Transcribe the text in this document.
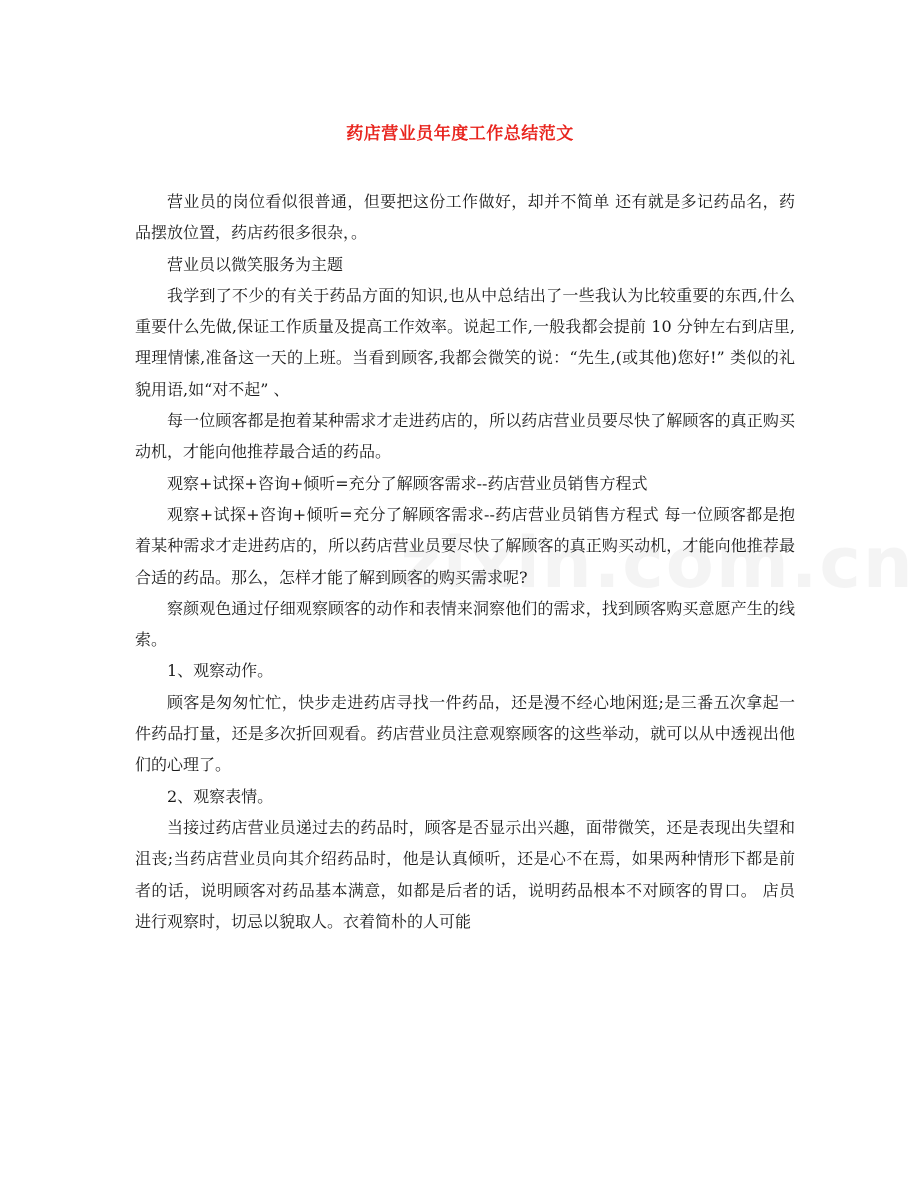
药店营业员年度工作总结范文

营业员的岗位看似很普通，但要把这份工作做好，却并不简单 还有就是多记药品名，药品摆放位置，药店药很多很杂，。

营业员以微笑服务为主题

我学到了不少的有关于药品方面的知识,也从中总结出了一些我认为比较重要的东西,什么重要什么先做,保证工作质量及提高工作效率。说起工作,一般我都会提前 10 分钟左右到店里,理理情愫,准备这一天的上班。当看到顾客,我都会微笑的说：“先生,(或其他)您好!” 类似的礼貌用语,如“对不起” 、

每一位顾客都是抱着某种需求才走进药店的，所以药店营业员要尽快了解顾客的真正购买动机，才能向他推荐最合适的药品。

观察+试探+咨询+倾听=充分了解顾客需求--药店营业员销售方程式

观察+试探+咨询+倾听=充分了解顾客需求--药店营业员销售方程式 每一位顾客都是抱着某种需求才走进药店的，所以药店营业员要尽快了解顾客的真正购买动机，才能向他推荐最合适的药品。那么，怎样才能了解到顾客的购买需求呢?

察颜观色通过仔细观察顾客的动作和表情来洞察他们的需求，找到顾客购买意愿产生的线索。

1、观察动作。

顾客是匆匆忙忙，快步走进药店寻找一件药品，还是漫不经心地闲逛;是三番五次拿起一件药品打量，还是多次折回观看。药店营业员注意观察顾客的这些举动，就可以从中透视出他们的心理了。

2、观察表情。

当接过药店营业员递过去的药品时，顾客是否显示出兴趣，面带微笑，还是表现出失望和沮丧;当药店营业员向其介绍药品时，他是认真倾听，还是心不在焉，如果两种情形下都是前者的话，说明顾客对药品基本满意，如都是后者的话，说明药品根本不对顾客的胃口。 店员进行观察时，切忌以貌取人。衣着简朴的人可能
